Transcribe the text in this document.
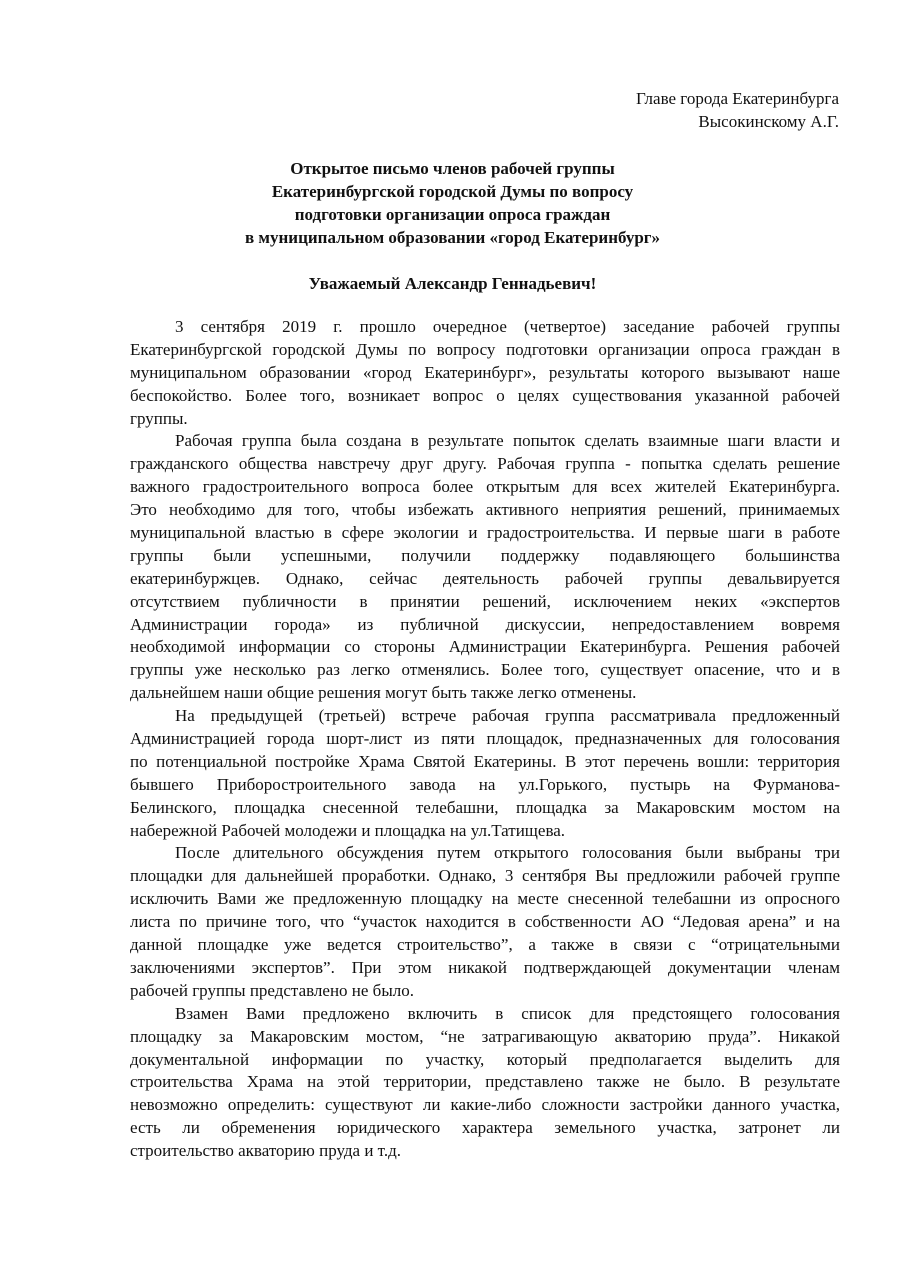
Главе города Екатеринбурга
Высокинскому А.Г.
Открытое письмо членов рабочей группы
Екатеринбургской городской Думы по вопросу
подготовки организации опроса граждан
в муниципальном образовании «город Екатеринбург»
Уважаемый Александр Геннадьевич!
3 сентября 2019 г. прошло очередное (четвертое) заседание рабочей группы
Екатеринбургской городской Думы по вопросу подготовки организации опроса граждан в
муниципальном образовании «город Екатеринбург», результаты которого вызывают наше
беспокойство. Более того, возникает вопрос о целях существования указанной рабочей
группы.
Рабочая группа была создана в результате попыток сделать взаимные шаги власти и
гражданского общества навстречу друг другу. Рабочая группа - попытка сделать решение
важного градостроительного вопроса более открытым для всех жителей Екатеринбурга.
Это необходимо для того, чтобы избежать активного неприятия решений, принимаемых
муниципальной властью в сфере экологии и градостроительства. И первые шаги в работе
группы были успешными, получили поддержку подавляющего большинства
екатеринбуржцев. Однако, сейчас деятельность рабочей группы девальвируется
отсутствием публичности в принятии решений, исключением неких «экспертов
Администрации города» из публичной дискуссии, непредоставлением вовремя
необходимой информации со стороны Администрации Екатеринбурга. Решения рабочей
группы уже несколько раз легко отменялись. Более того, существует опасение, что и в
дальнейшем наши общие решения могут быть также легко отменены.
На предыдущей (третьей) встрече рабочая группа рассматривала предложенный
Администрацией города шорт-лист из пяти площадок, предназначенных для голосования
по потенциальной постройке Храма Святой Екатерины. В этот перечень вошли: территория
бывшего Приборостроительного завода на ул.Горького, пустырь на Фурманова-
Белинского, площадка снесенной телебашни, площадка за Макаровским мостом на
набережной Рабочей молодежи и площадка на ул.Татищева.
После длительного обсуждения путем открытого голосования были выбраны три
площадки для дальнейшей проработки. Однако, 3 сентября Вы предложили рабочей группе
исключить Вами же предложенную площадку на месте снесенной телебашни из опросного
листа по причине того, что “участок находится в собственности АО “Ледовая арена” и на
данной площадке уже ведется строительство”, а также в связи с “отрицательными
заключениями экспертов”. При этом никакой подтверждающей документации членам
рабочей группы представлено не было.
Взамен Вами предложено включить в список для предстоящего голосования
площадку за Макаровским мостом, “не затрагивающую акваторию пруда”. Никакой
документальной информации по участку, который предполагается выделить для
строительства Храма на этой территории, представлено также не было. В результате
невозможно определить: существуют ли какие-либо сложности застройки данного участка,
есть ли обременения юридического характера земельного участка, затронет ли
строительство акваторию пруда и т.д.
